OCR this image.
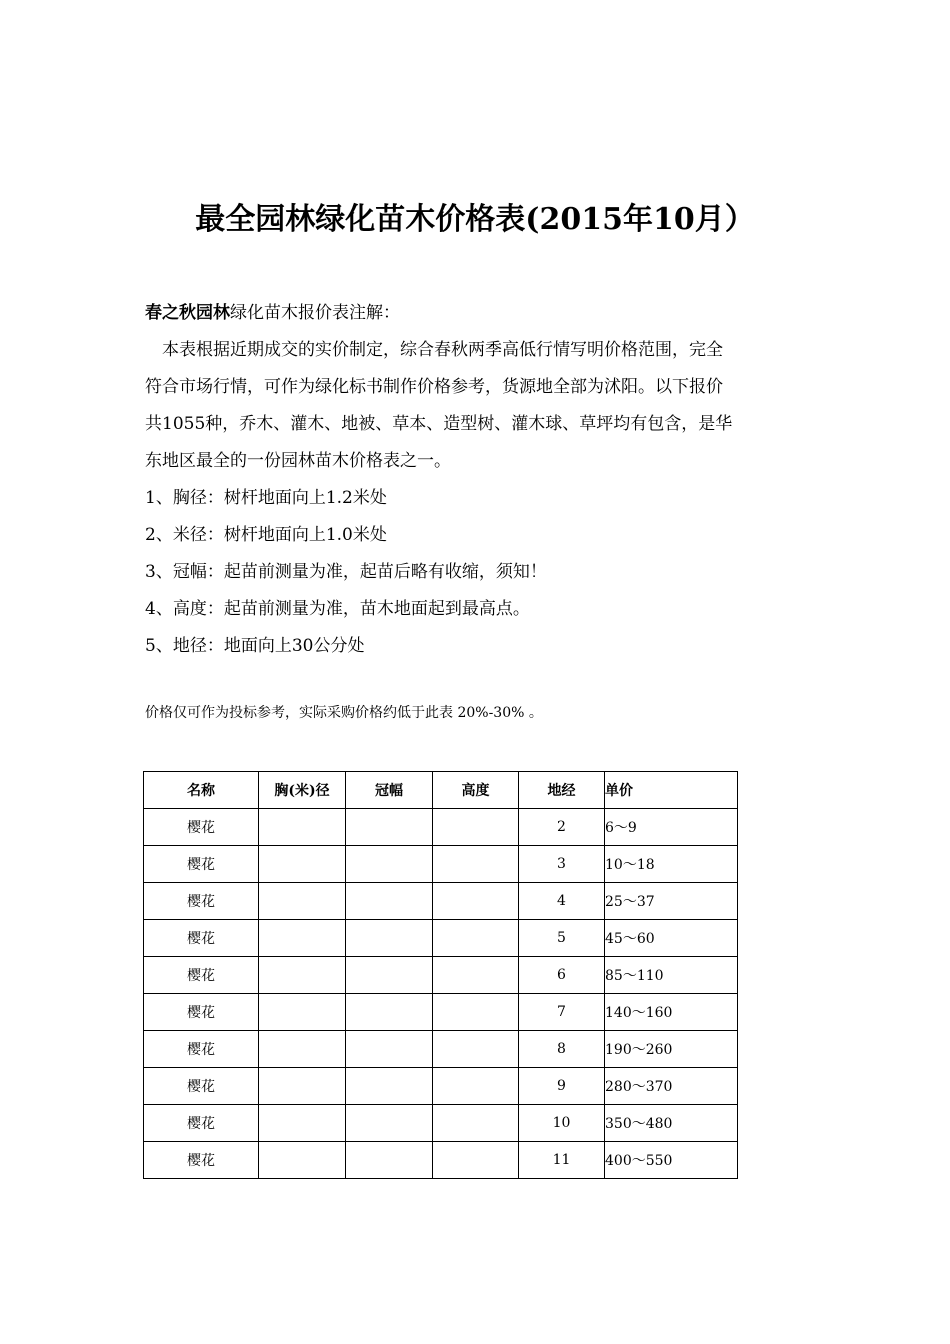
最全园林绿化苗木价格表(2015年10月）

春之秋园林绿化苗木报价表注解：

本表根据近期成交的实价制定，综合春秋两季高低行情写明价格范围，完全

符合市场行情，可作为绿化标书制作价格参考，货源地全部为沭阳。以下报价

共1055种，乔木、灌木、地被、草本、造型树、灌木球、草坪均有包含，是华

东地区最全的一份园林苗木价格表之一。

1、胸径：树杆地面向上1.2米处

2、米径：树杆地面向上1.0米处

3、冠幅：起苗前测量为准，起苗后略有收缩，须知！

4、高度：起苗前测量为准，苗木地面起到最高点。

5、地径：地面向上30公分处

价格仅可作为投标参考，实际采购价格约低于此表 20%-30% 。
名称	胸(米)径	冠幅	高度	地经	单价
樱花				2	6～9
樱花				3	10～18
樱花				4	25～37
樱花				5	45～60
樱花				6	85～110
樱花				7	140～160
樱花				8	190～260
樱花				9	280～370
樱花				10	350～480
樱花				11	400～550
